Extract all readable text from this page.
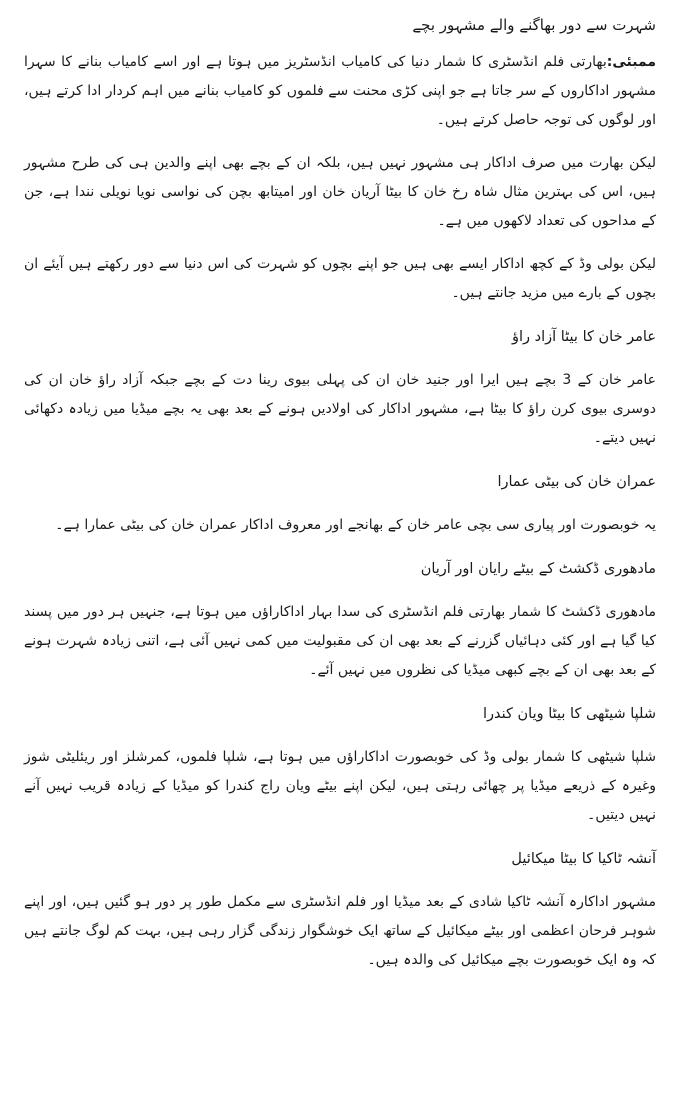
شہرت سے دور بھاگنے والے مشہور بچے

ممبئی:بھارتی فلم انڈسٹری کا شمار دنیا کی کامیاب انڈسٹریز میں ہوتا ہے اور اسے کامیاب بنانے کا سہرا مشہور اداکاروں کے سر جاتا ہے جو اپنی کڑی محنت سے فلموں کو کامیاب بنانے میں اہم کردار ادا کرتے ہیں، اور لوگوں کی توجہ حاصل کرتے ہیں۔

لیکن بھارت میں صرف اداکار ہی مشہور نہیں ہیں، بلکہ ان کے بچے بھی اپنے والدین ہی کی طرح مشہور ہیں، اس کی بہترین مثال شاہ رخ خان کا بیٹا آریان خان اور امیتابھ بچن کی نواسی نویا نویلی نندا ہے، جن کے مداحوں کی تعداد لاکھوں میں ہے۔

لیکن بولی وڈ کے کچھ اداکار ایسے بھی ہیں جو اپنے بچوں کو شہرت کی اس دنیا سے دور رکھتے ہیں آیئے ان بچوں کے بارے میں مزید جانتے ہیں۔

عامر خان کا بیٹا آزاد راؤ

عامر خان کے 3 بچے ہیں ایرا اور جنید خان ان کی پہلی بیوی رینا دت کے بچے جبکہ آزاد راؤ خان ان کی دوسری بیوی کرن راؤ کا بیٹا ہے، مشہور اداکار کی اولادیں ہونے کے بعد بھی یہ بچے میڈیا میں زیادہ دکھائی نہیں دیتے۔

عمران خان کی بیٹی عمارا

یہ خوبصورت اور پیاری سی بچی عامر خان کے بھانجے اور معروف اداکار عمران خان کی بیٹی عمارا ہے۔

مادھوری ڈکشٹ کے بیٹے رایان اور آریان

مادھوری ڈکشٹ کا شمار بھارتی فلم انڈسٹری کی سدا بہار اداکاراؤں میں ہوتا ہے، جنہیں ہر دور میں پسند کیا گیا ہے اور کئی دہائیاں گزرنے کے بعد بھی ان کی مقبولیت میں کمی نہیں آئی ہے، اتنی زیادہ شہرت ہونے کے بعد بھی ان کے بچے کبھی میڈیا کی نظروں میں نہیں آئے۔

شلپا شیٹھی کا بیٹا ویان کندرا

شلپا شیٹھی کا شمار بولی وڈ کی خوبصورت اداکاراؤں میں ہوتا ہے، شلپا فلموں، کمرشلز اور ریئلیٹی شوز وغیرہ کے ذریعے میڈیا پر چھائی رہتی ہیں، لیکن اپنے بیٹے ویان راج کندرا کو میڈیا کے زیادہ قریب نہیں آنے نہیں دیتیں۔

آنشہ ٹاکیا کا بیٹا میکائیل

مشہور اداکارہ آنشہ ٹاکیا شادی کے بعد میڈیا اور فلم انڈسٹری سے مکمل طور پر دور ہو گئیں ہیں، اور اپنے شوہر فرحان اعظمی اور بیٹے میکائیل کے ساتھ ایک خوشگوار زندگی گزار رہی ہیں، بہت کم لوگ جانتے ہیں کہ وہ ایک خوبصورت بچے میکائیل کی والدہ ہیں۔
